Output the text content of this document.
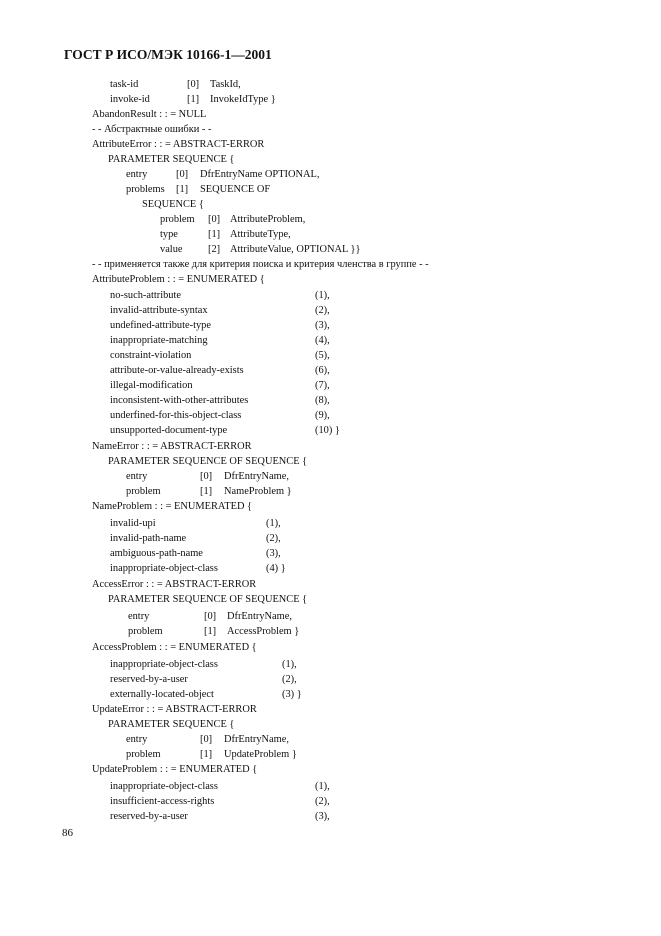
ГОСТ Р ИСО/МЭК 10166-1—2001
task-id	[0] TaskId,
invoke-id	[1] InvokeIdType }
AbandonResult : : = NULL
- - Абстрактные ошибки - -
AttributeError : : = ABSTRACT-ERROR
PARAMETER SEQUENCE {
entry	[0] DfrEntryName OPTIONAL,
problems [1] SEQUENCE OF
SEQUENCE {
problem [0] AttributeProblem,
type	[1] AttributeType,
value [2] AttributeValue, OPTIONAL }}
- - применяется также для критерия поиска и критерия членства в группе - -
AttributeProblem : : = ENUMERATED {
no-such-attribute	(1),
invalid-attribute-syntax	(2),
undefined-attribute-type	(3),
inappropriate-matching	(4),
constraint-violation	(5),
attribute-or-value-already-exists	(6),
illegal-modification	(7),
inconsistent-with-other-attributes	(8),
underfined-for-this-object-class	(9),
unsupported-document-type	(10) }
NameError : : = ABSTRACT-ERROR
PARAMETER SEQUENCE OF SEQUENCE {
entry	[0] DfrEntryName,
problem	[1] NameProblem }
NameProblem : : = ENUMERATED {
invalid-upi	(1),
invalid-path-name	(2),
ambiguous-path-name	(3),
inappropriate-object-class	(4) }
AccessError : : = ABSTRACT-ERROR
PARAMETER SEQUENCE OF SEQUENCE {
entry	[0] DfrEntryName,
problem	[1] AccessProblem }
AccessProblem : : = ENUMERATED {
inappropriate-object-class	(1),
reserved-by-a-user	(2),
externally-located-object	(3) }
UpdateError : : = ABSTRACT-ERROR
PARAMETER SEQUENCE {
entry	[0] DfrEntryName,
problem	[1] UpdateProblem }
UpdateProblem : : = ENUMERATED {
inappropriate-object-class	(1),
insufficient-access-rights	(2),
reserved-by-a-user	(3),
86
